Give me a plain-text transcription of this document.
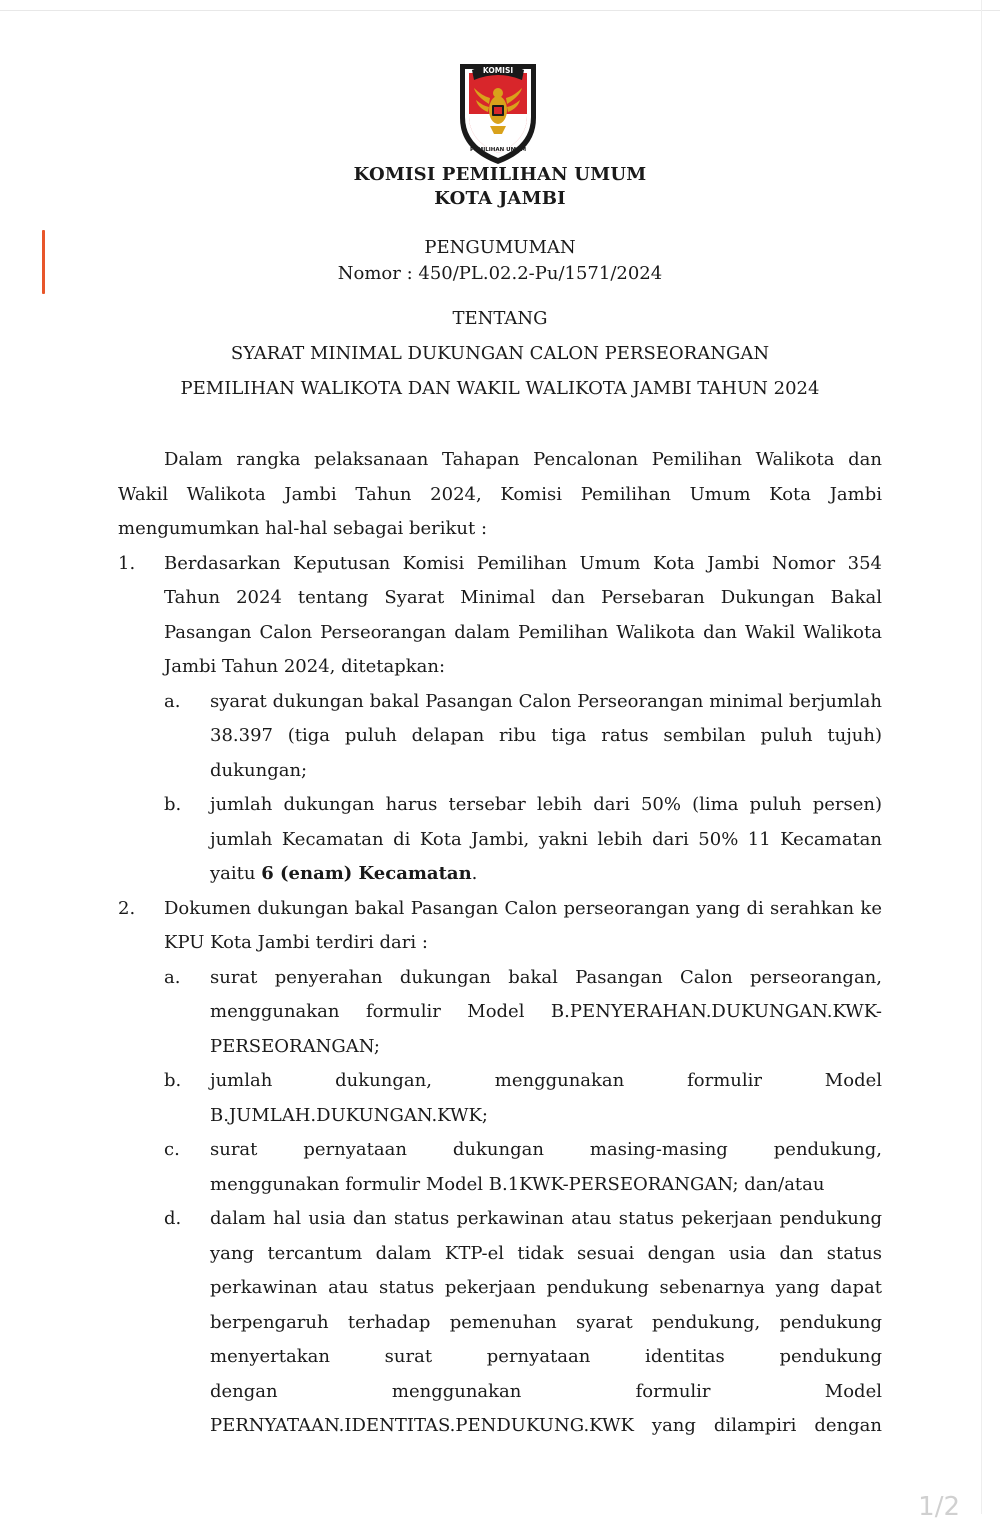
KOMISI
PEMILIHAN UMUM
KOMISI PEMILIHAN UMUM
KOTA JAMBI
PENGUMUMAN
Nomor : 450/PL.02.2-Pu/1571/2024
TENTANG
SYARAT MINIMAL DUKUNGAN CALON PERSEORANGAN
PEMILIHAN WALIKOTA DAN WAKIL WALIKOTA JAMBI TAHUN 2024

Dalam rangka pelaksanaan Tahapan Pencalonan Pemilihan Walikota dan Wakil Walikota Jambi Tahun 2024, Komisi Pemilihan Umum Kota Jambi mengumumkan hal-hal sebagai berikut :

1.	Berdasarkan Keputusan Komisi Pemilihan Umum Kota Jambi Nomor 354 Tahun 2024 tentang Syarat Minimal dan Persebaran Dukungan Bakal Pasangan Calon Perseorangan dalam Pemilihan Walikota dan Wakil Walikota Jambi Tahun 2024, ditetapkan:

a.	syarat dukungan bakal Pasangan Calon Perseorangan minimal berjumlah 38.397 (tiga puluh delapan ribu tiga ratus sembilan puluh tujuh) dukungan;
b.	jumlah dukungan harus tersebar lebih dari 50% (lima puluh persen) jumlah Kecamatan di Kota Jambi, yakni lebih dari 50% 11 Kecamatan yaitu 6 (enam) Kecamatan.
2.	Dokumen dukungan bakal Pasangan Calon perseorangan yang di serahkan ke KPU Kota Jambi terdiri dari :

a.	surat penyerahan dukungan bakal Pasangan Calon perseorangan, menggunakan formulir Model B.PENYERAHAN.DUKUNGAN.KWK-PERSEORANGAN;
b.	jumlah dukungan, menggunakan formulir Model
B.JUMLAH.DUKUNGAN.KWK;
c.	surat pernyataan dukungan masing-masing pendukung,
menggunakan formulir Model B.1KWK-PERSEORANGAN; dan/atau
d.	dalam hal usia dan status perkawinan atau status pekerjaan pendukung yang tercantum dalam KTP-el tidak sesuai dengan usia dan status perkawinan atau status pekerjaan pendukung sebenarnya yang dapat berpengaruh terhadap pemenuhan syarat pendukung, pendukung menyertakan surat pernyataan identitas pendukung
dengan menggunakan formulir Model
PERNYATAAN.IDENTITAS.PENDUKUNG.KWK yang dilampiri dengan
1/2
